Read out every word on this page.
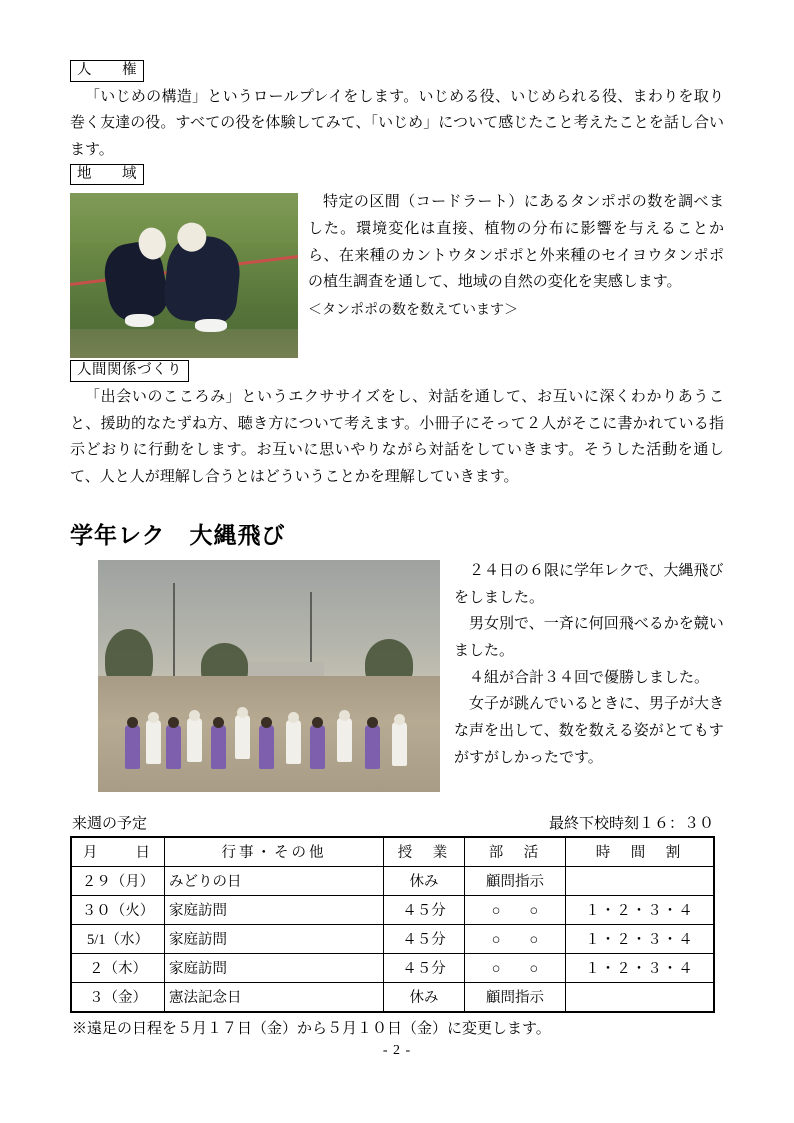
人　　権

「いじめの構造」というロールプレイをします。いじめる役、いじめられる役、まわりを取り巻く友達の役。すべての役を体験してみて、「いじめ」について感じたこと考えたことを話し合います。

地　　域

特定の区間（コードラート）にあるタンポポの数を調べました。環境変化は直接、植物の分布に影響を与えることから、在来種のカントウタンポポと外来種のセイヨウタンポポの植生調査を通して、地域の自然の変化を実感します。

＜タンポポの数を数えています＞

人間関係づくり

「出会いのこころみ」というエクササイズをし、対話を通して、お互いに深くわかりあうこと、援助的なたずね方、聴き方について考えます。小冊子にそって２人がそこに書かれている指示どおりに行動をします。お互いに思いやりながら対話をしていきます。そうした活動を通して、人と人が理解し合うとはどういうことかを理解していきます。

学年レク　大縄飛び

２４日の６限に学年レクで、大縄飛びをしました。

男女別で、一斉に何回飛べるかを競いました。

４組が合計３４回で優勝しました。

女子が跳んでいるときに、男子が大きな声を出して、数を数える姿がとてもすがすがしかったです。

来週の予定	最終下校時刻１６：３０
月　　日	行事・その他	授　業	部　活	時　間　割
２９（月）	みどりの日	休み	顧問指示	
３０（火）	家庭訪問	４５分	○　　○	１・２・３・４
5/1（水）	家庭訪問	４５分	○　　○	１・２・３・４
２（木）	家庭訪問	４５分	○　　○	１・２・３・４
３（金）	憲法記念日	休み	顧問指示	

※遠足の日程を５月１７日（金）から５月１０日（金）に変更します。

- 2 -
